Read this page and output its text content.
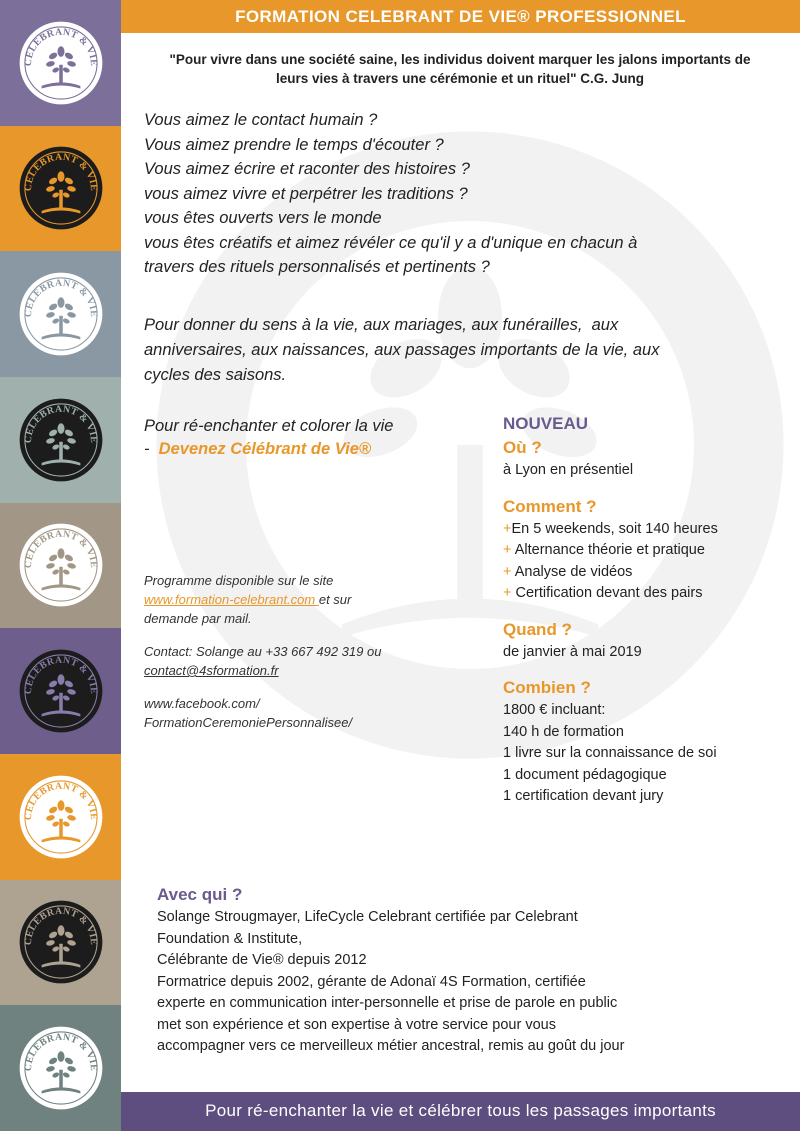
CELEBRANT & VIE
CELEBRANT & VIE
CELEBRANT & VIE
CELEBRANT & VIE
CELEBRANT & VIE
CELEBRANT & VIE
CELEBRANT & VIE
CELEBRANT & VIE
CELEBRANT & VIE
FORMATION CELEBRANT DE VIE® PROFESSIONNEL
"Pour vivre dans une société saine, les individus doivent marquer les jalons importants de
leurs vies à travers une cérémonie et un rituel" C.G. Jung
Vous aimez le contact humain ?
Vous aimez prendre le temps d'écouter ?
Vous aimez écrire et raconter des histoires ?
vous aimez vivre et perpétrer les traditions ?
vous êtes ouverts vers le monde
vous êtes créatifs et aimez révéler ce qu'il y a d'unique en chacun à
travers des rituels personnalisés et pertinents ?
Pour donner du sens à la vie, aux mariages, aux funérailles,  aux
anniversaires, aux naissances, aux passages importants de la vie, aux
cycles des saisons.
Pour ré-enchanter et colorer la vie
-  Devenez Célébrant de Vie®

Programme disponible sur le site
www.formation-celebrant.com et sur
demande par mail.

Contact: Solange au +33 667 492 319 ou
contact@4sformation.fr

www.facebook.com/
FormationCeremoniePersonnalisee/

NOUVEAU
Où ?
à Lyon en présentiel
Comment ?
+En 5 weekends, soit 140 heures
+ Alternance théorie et pratique
+ Analyse de vidéos
+ Certification devant des pairs
Quand ?
de janvier à mai 2019
Combien ?
1800 € incluant:
140 h de formation
1 livre sur la connaissance de soi
1 document pédagogique
1 certification devant jury
Avec qui ?
Solange Strougmayer, LifeCycle Celebrant certifiée par Celebrant
Foundation & Institute,
Célébrante de Vie® depuis 2012
Formatrice depuis 2002, gérante de Adonaï 4S Formation, certifiée
experte en communication inter-personnelle et prise de parole en public
met son expérience et son expertise à votre service pour vous
accompagner vers ce merveilleux métier ancestral, remis au goût du jour
Pour ré-enchanter la vie et célébrer tous les passages importants
